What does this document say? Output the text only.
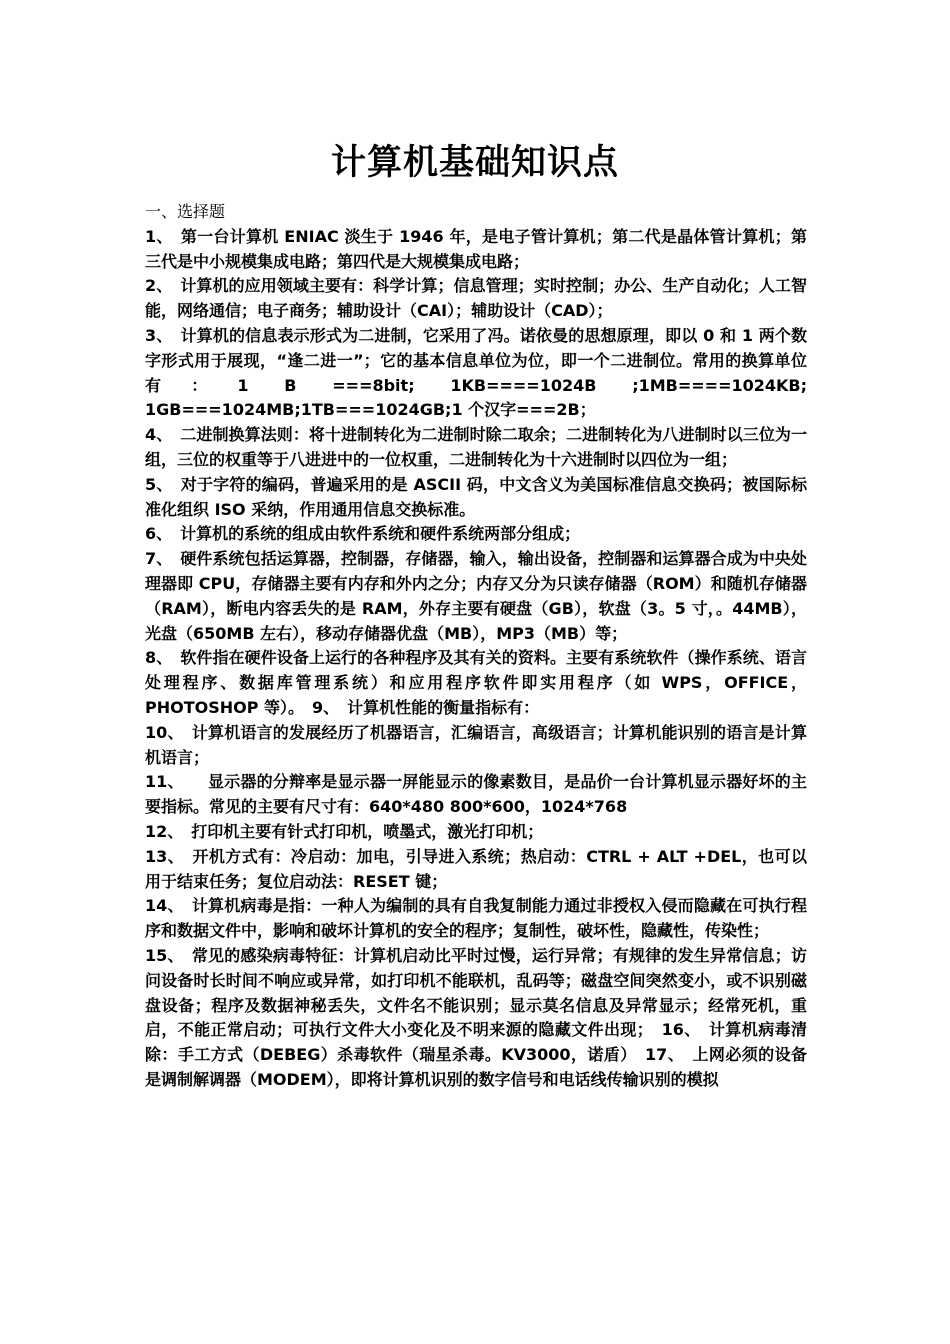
计算机基础知识点

一、选择题

1、　第一台计算机 ENIAC 淡生于 1946 年，是电子管计算机；第二代是晶体管计算机；第三代是中小规模集成电路；第四代是大规模集成电路；

2、　计算机的应用领域主要有：科学计算；信息管理；实时控制；办公、生产自动化；人工智能，网络通信；电子商务；辅助设计（CAI）；辅助设计（CAD）；

3、　计算机的信息表示形式为二进制，它采用了冯。诺依曼的思想原理，即以 0 和 1 两个数字形式用于展现，“逢二进一”；它的基本信息单位为位，即一个二进制位。常用的换算单位有：1 B ===8bit; 1KB====1024B ;1MB====1024KB; 1GB===1024MB;1TB===1024GB;1 个汉字===2B；

4、　二进制换算法则：将十进制转化为二进制时除二取余；二进制转化为八进制时以三位为一组，三位的权重等于八进进中的一位权重，二进制转化为十六进制时以四位为一组；

5、　对于字符的编码，普遍采用的是 ASCII 码，中文含义为美国标准信息交换码；被国际标准化组织 ISO 采纳，作用通用信息交换标准。

6、　计算机的系统的组成由软件系统和硬件系统两部分组成；

7、　硬件系统包括运算器，控制器，存储器，输入，输出设备，控制器和运算器合成为中央处理器即 CPU，存储器主要有内存和外内之分；内存又分为只读存储器（ROM）和随机存储器（RAM），断电内容丢失的是 RAM，外存主要有硬盘（GB），软盘（3。5 寸，。44MB），光盘（650MB 左右），移动存储器优盘（MB），MP3（MB）等；

8、　软件指在硬件设备上运行的各种程序及其有关的资料。主要有系统软件（操作系统、语言处理程序、数据库管理系统）和应用程序软件即实用程序（如 WPS，OFFICE，PHOTOSHOP 等）。　9、　计算机性能的衡量指标有：

10、　计算机语言的发展经历了机器语言，汇编语言，高级语言；计算机能识别的语言是计算机语言；

11、　　显示器的分辩率是显示器一屏能显示的像素数目，是品价一台计算机显示器好坏的主要指标。常见的主要有尺寸有：640*480 800*600，1024*768

12、　打印机主要有针式打印机，喷墨式，激光打印机；

13、　开机方式有：冷启动：加电，引导进入系统；热启动：CTRL + ALT +DEL，也可以用于结束任务；复位启动法：RESET 键；

14、　计算机病毒是指：一种人为编制的具有自我复制能力通过非授权入侵而隐藏在可执行程序和数据文件中，影响和破坏计算机的安全的程序；复制性，破坏性，隐藏性，传染性；

15、　常见的感染病毒特征：计算机启动比平时过慢，运行异常；有规律的发生异常信息；访问设备时长时间不响应或异常，如打印机不能联机，乱码等；磁盘空间突然变小，或不识别磁盘设备；程序及数据神秘丢失，文件名不能识别；显示莫名信息及异常显示；经常死机，重启，不能正常启动；可执行文件大小变化及不明来源的隐藏文件出现；　16、　计算机病毒清除：手工方式（DEBEG）杀毒软件（瑞星杀毒。KV3000，诺盾）　17、　上网必须的设备是调制解调器（MODEM），即将计算机识别的数字信号和电话线传输识别的模拟
